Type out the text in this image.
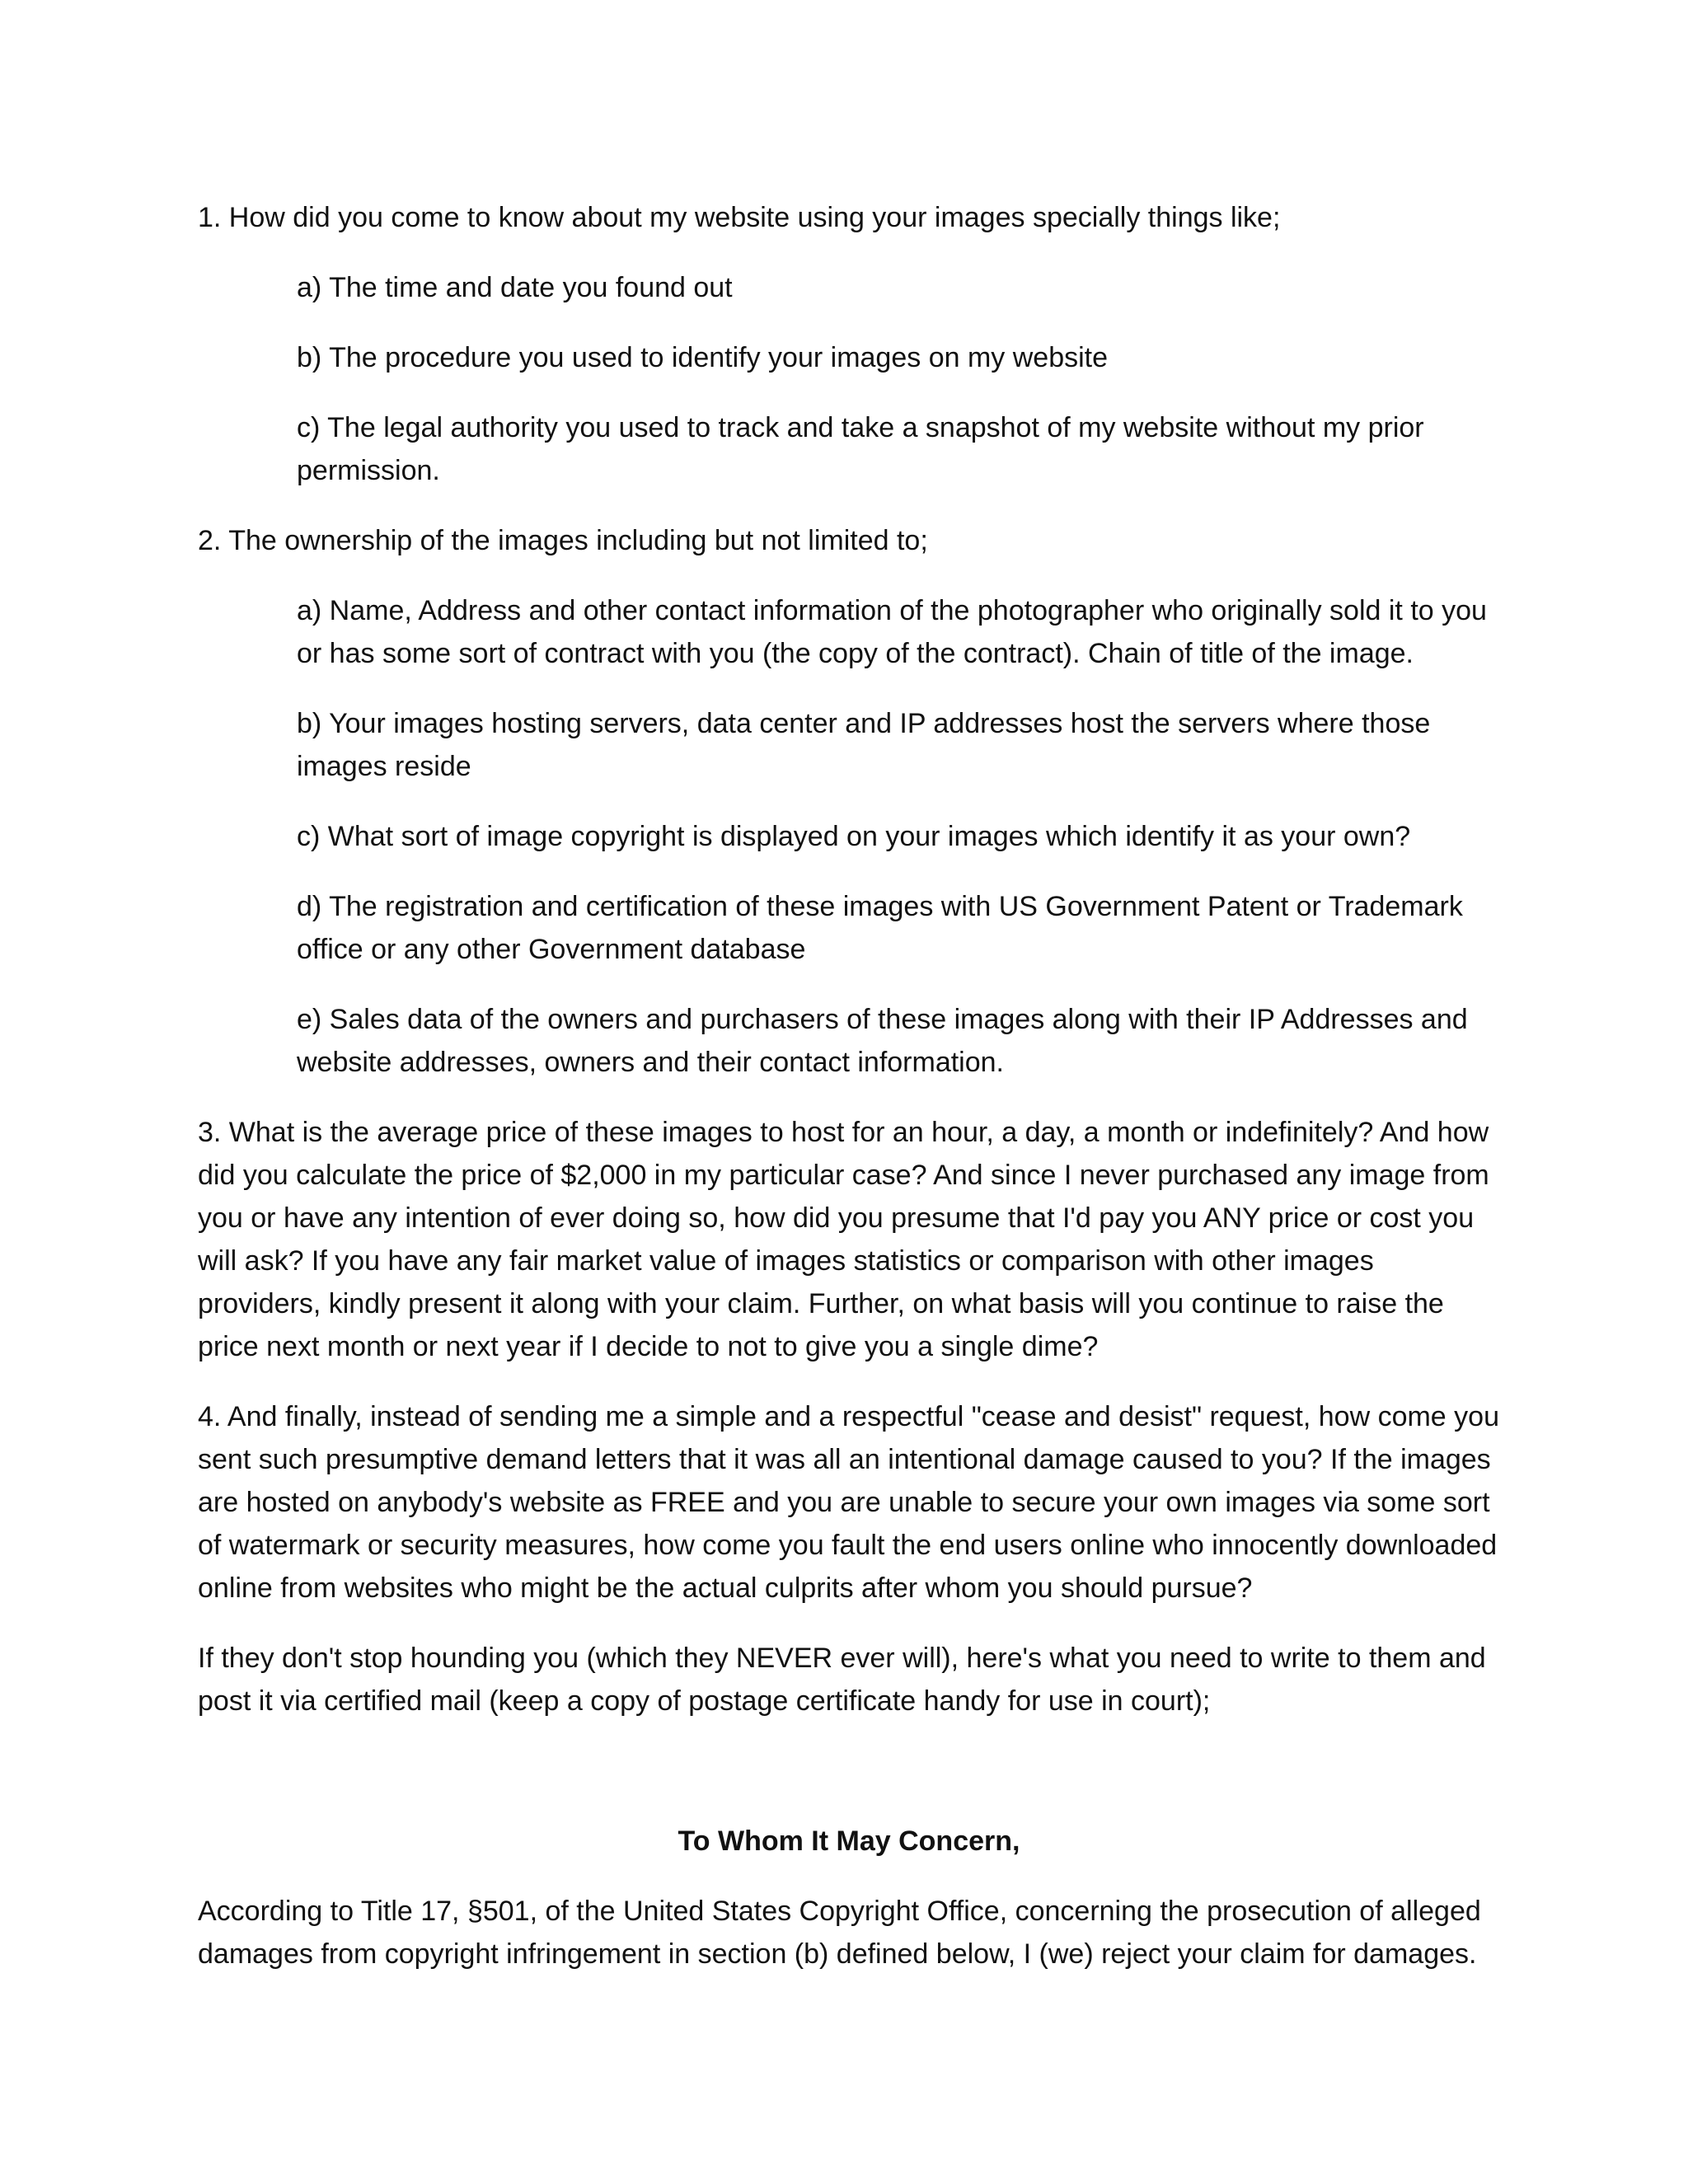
1. How did you come to know about my website using your images specially things like;

a) The time and date you found out

b) The procedure you used to identify your images on my website

c) The legal authority you used to track and take a snapshot of my website without my prior permission.

2. The ownership of the images including but not limited to;

a) Name, Address and other contact information of the photographer who originally sold it to you or has some sort of contract with you (the copy of the contract). Chain of title of the image.

b) Your images hosting servers, data center and IP addresses host the servers where those images reside

c) What sort of image copyright is displayed on your images which identify it as your own?

d) The registration and certification of these images with US Government Patent or Trademark office or any other Government database

e) Sales data of the owners and purchasers of these images along with their IP Addresses and website addresses, owners and their contact information.

3. What is the average price of these images to host for an hour, a day, a month or indefinitely? And how did you calculate the price of $2,000 in my particular case? And since I never purchased any image from you or have any intention of ever doing so, how did you presume that I'd pay you ANY price or cost you will ask? If you have any fair market value of images statistics or comparison with other images providers, kindly present it along with your claim. Further, on what basis will you continue to raise the price next month or next year if I decide to not to give you a single dime?

4. And finally, instead of sending me a simple and a respectful "cease and desist" request, how come you sent such presumptive demand letters that it was all an intentional damage caused to you? If the images are hosted on anybody's website as FREE and you are unable to secure your own images via some sort of watermark or security measures, how come you fault the end users online who innocently downloaded online from websites who might be the actual culprits after whom you should pursue?

If they don't stop hounding you (which they NEVER ever will), here's what you need to write to them and post it via certified mail (keep a copy of postage certificate handy for use in court);

To Whom It May Concern,

According to Title 17, §501, of the United States Copyright Office, concerning the prosecution of alleged damages from copyright infringement in section (b) defined below, I (we) reject your claim for damages.
